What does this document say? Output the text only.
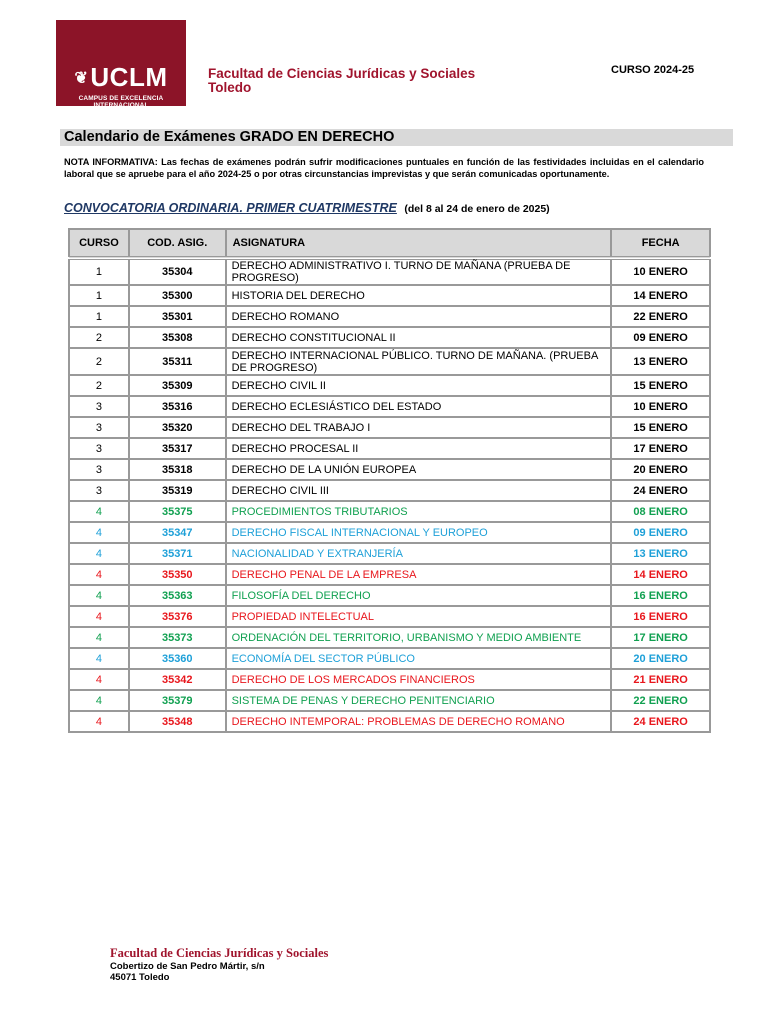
❦UCLM
CAMPUS DE EXCELENCIA INTERNACIONAL
Facultad de Ciencias Jurídicas y Sociales
Toledo
CURSO 2024-25
Calendario de Exámenes GRADO EN DERECHO
NOTA INFORMATIVA: Las fechas de exámenes podrán sufrir modificaciones puntuales en función de las festividades incluidas en el calendario laboral que se apruebe para el año 2024-25 o por otras circunstancias imprevistas y que serán comunicadas oportunamente.
CONVOCATORIA ORDINARIA. PRIMER CUATRIMESTRE (del 8 al 24 de enero de 2025)
CURSO	COD. ASIG.	ASIGNATURA	FECHA
1	35304	DERECHO ADMINISTRATIVO I. TURNO DE MAÑANA (PRUEBA DE PROGRESO)	10 ENERO
1	35300	HISTORIA DEL DERECHO	14 ENERO
1	35301	DERECHO ROMANO	22 ENERO
2	35308	DERECHO CONSTITUCIONAL II	09 ENERO
2	35311	DERECHO INTERNACIONAL PÚBLICO. TURNO DE MAÑANA. (PRUEBA DE PROGRESO)	13 ENERO
2	35309	DERECHO CIVIL II	15 ENERO
3	35316	DERECHO ECLESIÁSTICO DEL ESTADO	10 ENERO
3	35320	DERECHO DEL TRABAJO I	15 ENERO
3	35317	DERECHO PROCESAL II	17 ENERO
3	35318	DERECHO DE LA UNIÓN EUROPEA	20 ENERO
3	35319	DERECHO CIVIL III	24 ENERO
4	35375	PROCEDIMIENTOS TRIBUTARIOS	08 ENERO
4	35347	DERECHO FISCAL INTERNACIONAL Y EUROPEO	09 ENERO
4	35371	NACIONALIDAD Y EXTRANJERÍA	13 ENERO
4	35350	DERECHO PENAL DE LA EMPRESA	14 ENERO
4	35363	FILOSOFÍA DEL DERECHO	16 ENERO
4	35376	PROPIEDAD INTELECTUAL	16 ENERO
4	35373	ORDENACIÓN DEL TERRITORIO, URBANISMO Y MEDIO AMBIENTE	17 ENERO
4	35360	ECONOMÍA DEL SECTOR PÚBLICO	20 ENERO
4	35342	DERECHO DE LOS MERCADOS FINANCIEROS	21 ENERO
4	35379	SISTEMA DE PENAS Y DERECHO PENITENCIARIO	22 ENERO
4	35348	DERECHO INTEMPORAL: PROBLEMAS DE DERECHO ROMANO	24 ENERO
Facultad de Ciencias Jurídicas y Sociales
Cobertizo de San Pedro Mártir, s/n
45071 Toledo
